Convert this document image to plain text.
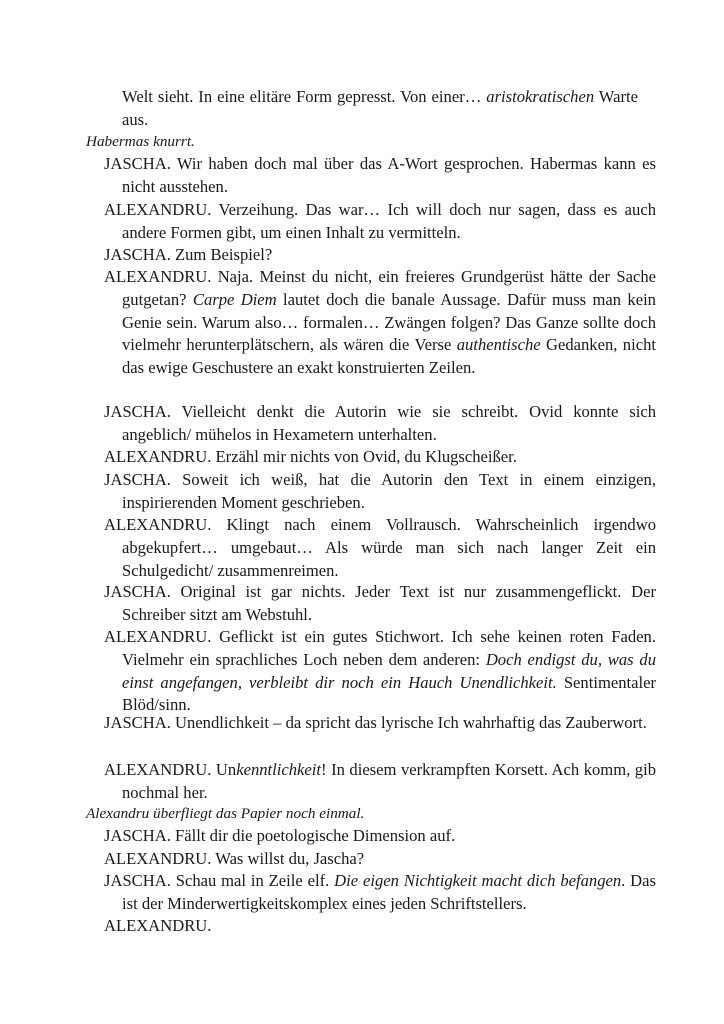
Welt sieht. In eine elitäre Form gepresst. Von einer… aristokratischen Warte aus.
Habermas knurrt.
JASCHA. Wir haben doch mal über das A-Wort gesprochen. Habermas kann es nicht ausstehen.
ALEXANDRU. Verzeihung. Das war… Ich will doch nur sagen, dass es auch andere Formen gibt, um einen Inhalt zu vermitteln.
JASCHA. Zum Beispiel?
ALEXANDRU. Naja. Meinst du nicht, ein freieres Grundgerüst hätte der Sache gutgetan? Carpe Diem lautet doch die banale Aussage. Dafür muss man kein Genie sein. Warum also… formalen… Zwängen folgen? Das Ganze sollte doch vielmehr herunterplätschern, als wären die Verse authentische Gedanken, nicht das ewige Geschustere an exakt konstruierten Zeilen.
JASCHA. Vielleicht denkt die Autorin wie sie schreibt. Ovid konnte sich angeblich/ mühelos in Hexametern unterhalten.
ALEXANDRU. Erzähl mir nichts von Ovid, du Klugscheißer.
JASCHA. Soweit ich weiß, hat die Autorin den Text in einem einzigen, inspirierenden Moment geschrieben.
ALEXANDRU. Klingt nach einem Vollrausch. Wahrscheinlich irgendwo abgekupfert… umgebaut… Als würde man sich nach langer Zeit ein Schulgedicht/ zusammenreimen.
JASCHA. Original ist gar nichts. Jeder Text ist nur zusammengeflickt. Der Schreiber sitzt am Webstuhl.
ALEXANDRU. Geflickt ist ein gutes Stichwort. Ich sehe keinen roten Faden. Vielmehr ein sprachliches Loch neben dem anderen: Doch endigst du, was du einst angefangen, verbleibt dir noch ein Hauch Unendlichkeit. Sentimentaler Blöd/sinn.
JASCHA. Unendlichkeit – da spricht das lyrische Ich wahrhaftig das Zauberwort.
ALEXANDRU. Unkenntlichkeit! In diesem verkrampften Korsett. Ach komm, gib nochmal her.
Alexandru überfliegt das Papier noch einmal.
JASCHA. Fällt dir die poetologische Dimension auf.
ALEXANDRU. Was willst du, Jascha?
JASCHA. Schau mal in Zeile elf. Die eigen Nichtigkeit macht dich befangen. Das ist der Minderwertigkeitskomplex eines jeden Schriftstellers.
ALEXANDRU.
